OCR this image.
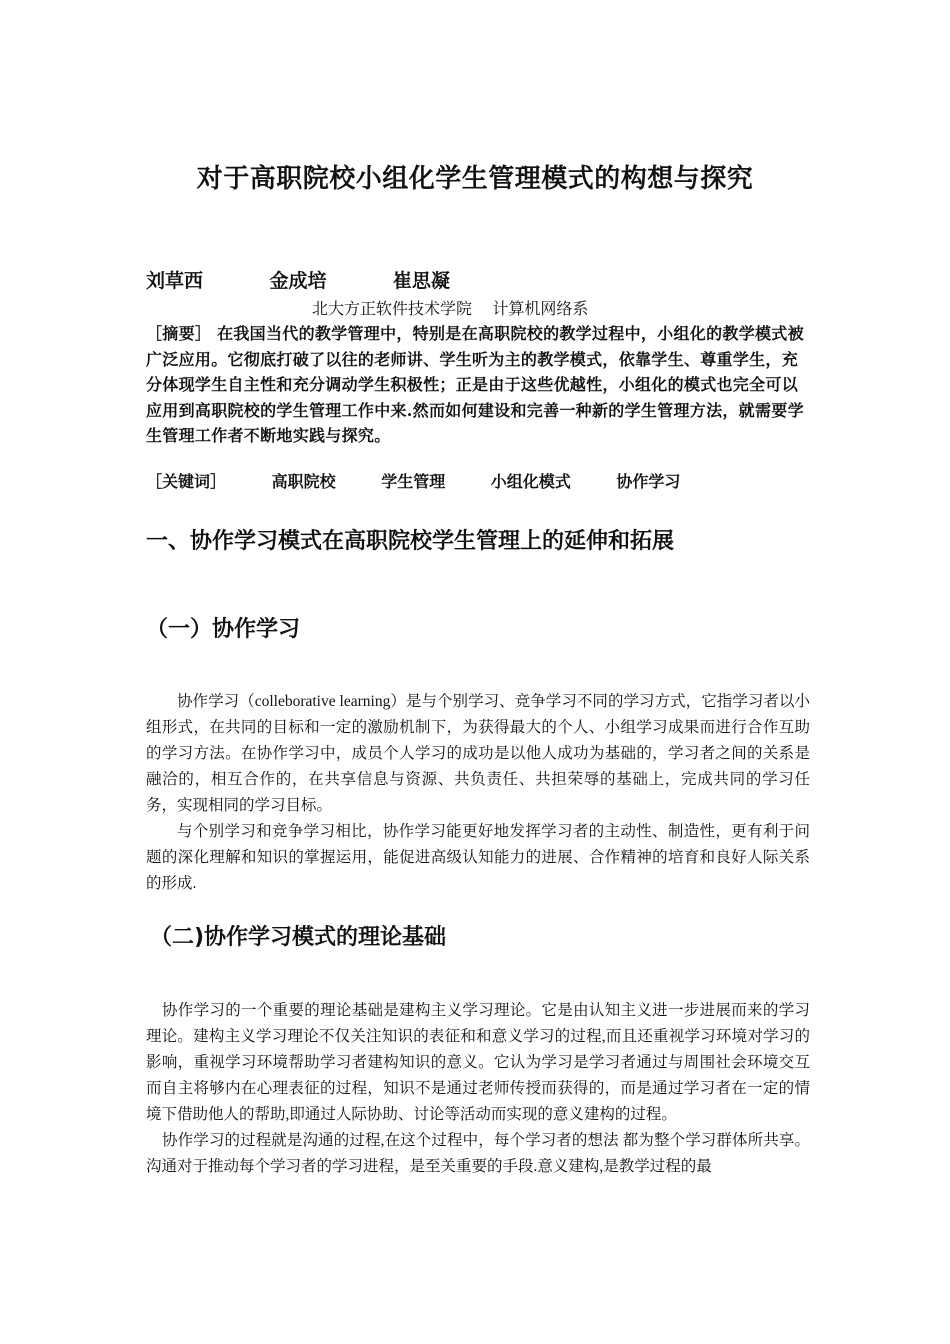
对于高职院校小组化学生管理模式的构想与探究
刘草西    金成培    崔思凝
北大方正软件技术学院    计算机网络系
［摘要］ 在我国当代的教学管理中，特别是在高职院校的教学过程中，小组化的教学模式被广泛应用。它彻底打破了以往的老师讲、学生听为主的教学模式，依靠学生、尊重学生，充分体现学生自主性和充分调动学生积极性；正是由于这些优越性，小组化的模式也完全可以应用到高职院校的学生管理工作中来.然而如何建设和完善一种新的学生管理方法，就需要学生管理工作者不断地实践与探究。
［关键词］	高职院校	学生管理	小组化模式	协作学习
一、协作学习模式在高职院校学生管理上的延伸和拓展
（一）协作学习

协作学习（colleborative learning）是与个别学习、竞争学习不同的学习方式，它指学习者以小组形式，在共同的目标和一定的激励机制下，为获得最大的个人、小组学习成果而进行合作互助的学习方法。在协作学习中，成员个人学习的成功是以他人成功为基础的，学习者之间的关系是融洽的，相互合作的，在共享信息与资源、共负责任、共担荣辱的基础上，完成共同的学习任务，实现相同的学习目标。

与个别学习和竞争学习相比，协作学习能更好地发挥学习者的主动性、制造性，更有利于问题的深化理解和知识的掌握运用，能促进高级认知能力的进展、合作精神的培育和良好人际关系的形成.

（二)协作学习模式的理论基础

协作学习的一个重要的理论基础是建构主义学习理论。它是由认知主义进一步进展而来的学习理论。建构主义学习理论不仅关注知识的表征和和意义学习的过程,而且还重视学习环境对学习的影响，重视学习环境帮助学习者建构知识的意义。它认为学习是学习者通过与周围社会环境交互而自主将够内在心理表征的过程，知识不是通过老师传授而获得的，而是通过学习者在一定的情境下借助他人的帮助,即通过人际协助、讨论等活动而实现的意义建构的过程。

协作学习的过程就是沟通的过程,在这个过程中，每个学习者的想法 都为整个学习群体所共享。沟通对于推动每个学习者的学习进程，是至关重要的手段.意义建构,是教学过程的最
